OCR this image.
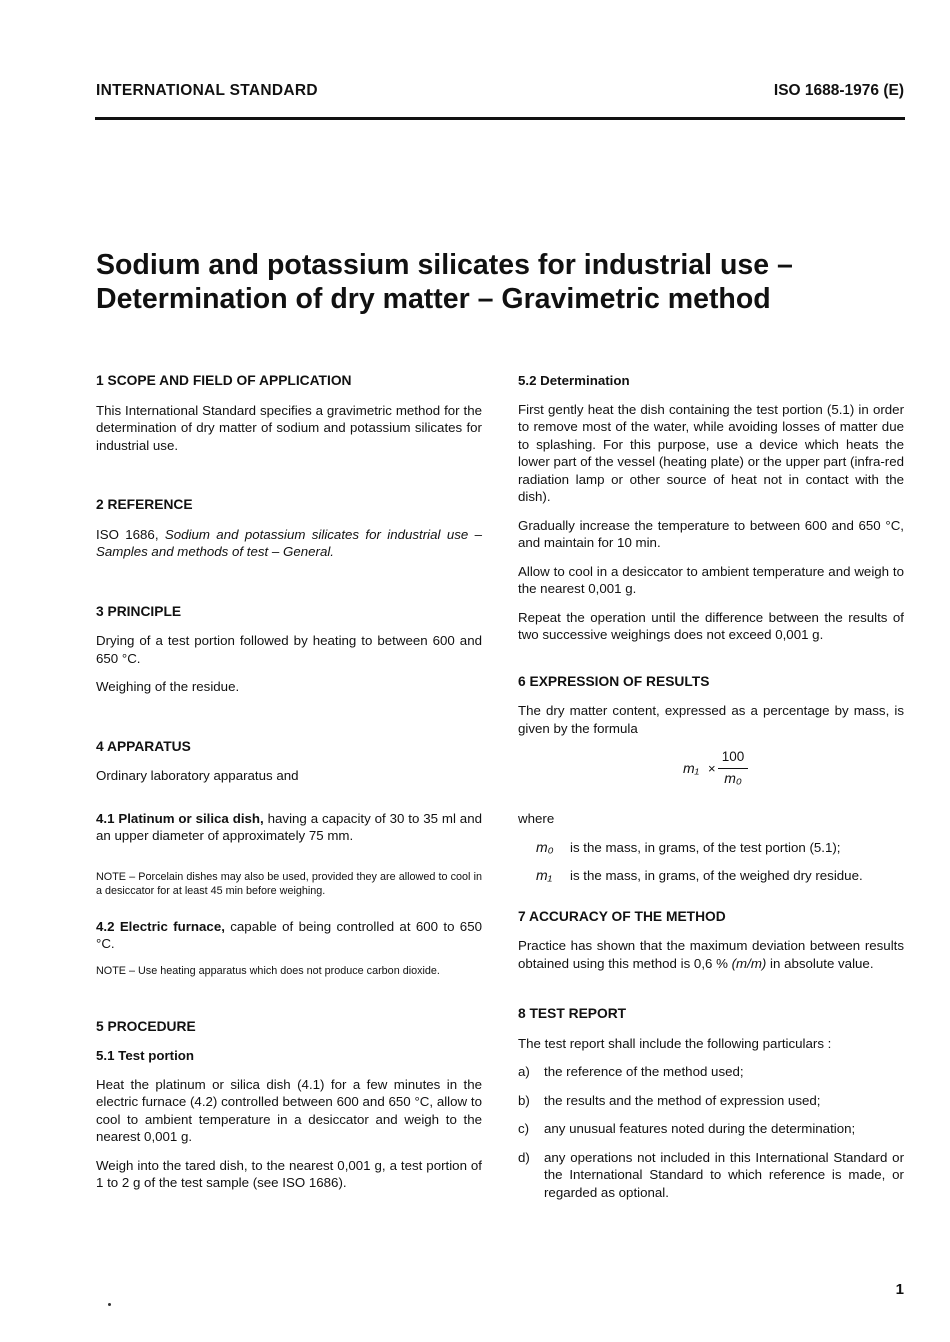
INTERNATIONAL STANDARD	ISO 1688-1976 (E)
Sodium and potassium silicates for industrial use –
Determination of dry matter – Gravimetric method
1 SCOPE AND FIELD OF APPLICATION

This International Standard specifies a gravimetric method for the determination of dry matter of sodium and potassium silicates for industrial use.

2 REFERENCE

ISO 1686, Sodium and potassium silicates for industrial use – Samples and methods of test – General.

3 PRINCIPLE

Drying of a test portion followed by heating to between 600 and 650 °C.

Weighing of the residue.

4 APPARATUS

Ordinary laboratory apparatus and

4.1 Platinum or silica dish, having a capacity of 30 to 35 ml and an upper diameter of approximately 75 mm.

NOTE – Porcelain dishes may also be used, provided they are allowed to cool in a desiccator for at least 45 min before weighing.

4.2 Electric furnace, capable of being controlled at 600 to 650 °C.

NOTE – Use heating apparatus which does not produce carbon dioxide.
5 PROCEDURE
5.1 Test portion

Heat the platinum or silica dish (4.1) for a few minutes in the electric furnace (4.2) controlled between 600 and 650 °C, allow to cool to ambient temperature in a desiccator and weigh to the nearest 0,001 g.

Weigh into the tared dish, to the nearest 0,001 g, a test portion of 1 to 2 g of the test sample (see ISO 1686).

5.2 Determination

First gently heat the dish containing the test portion (5.1) in order to remove most of the water, while avoiding losses of matter due to splashing. For this purpose, use a device which heats the lower part of the vessel (heating plate) or the upper part (infra-red radiation lamp or other source of heat not in contact with the dish).

Gradually increase the temperature to between 600 and 650 °C, and maintain for 10 min.

Allow to cool in a desiccator to ambient temperature and weigh to the nearest 0,001 g.

Repeat the operation until the difference between the results of two successive weighings does not exceed 0,001 g.

6 EXPRESSION OF RESULTS

The dry matter content, expressed as a percentage by mass, is given by the formula

$m_1 \times \frac{100}{\text{m₀}}$

where

m₀	is the mass, in grams, of the test portion (5.1);
m₁	is the mass, in grams, of the weighed dry residue.
7 ACCURACY OF THE METHOD

Practice has shown that the maximum deviation between results obtained using this method is 0,6 % (m/m) in absolute value.

8 TEST REPORT

The test report shall include the following particulars :

a)	the reference of the method used;
b)	the results and the method of expression used;
c)	any unusual features noted during the determination;
d)	any operations not included in this International Standard or the International Standard to which reference is made, or regarded as optional.
1
